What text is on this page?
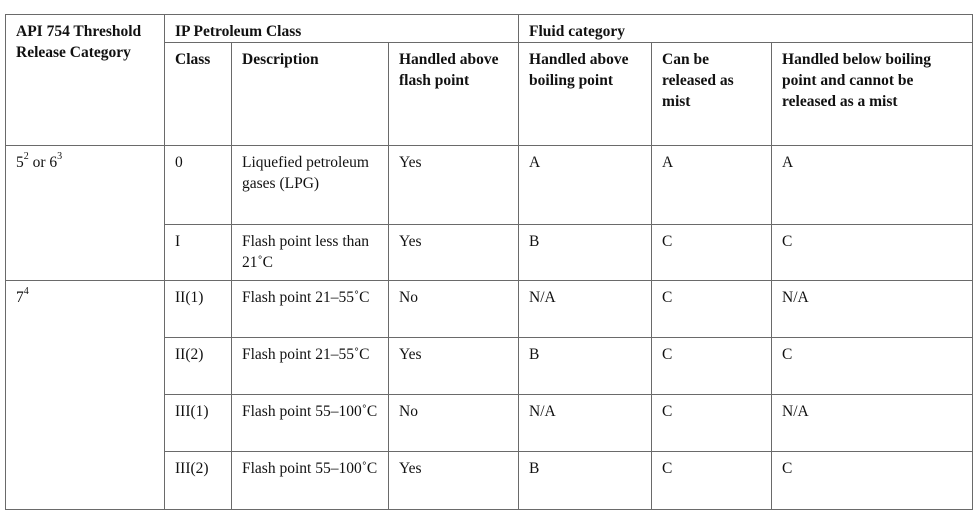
API 754 Threshold Release Category	IP Petroleum Class			Fluid category		
	Class	Description	Handled above flash point	Handled above boiling point	Can be released as mist	Handled below boiling point and cannot be released as a mist
$5^2$ or $6^3$	0	Liquefied petroleum gases (LPG)	Yes	A	A	A
	I	Flash point less than 21˚C	Yes	B	C	C
$7^4$	II(1)	Flash point 21–55˚C	No	N/A	C	N/A
	II(2)	Flash point 21–55˚C	Yes	B	C	C
	III(1)	Flash point 55–100˚C	No	N/A	C	N/A
	III(2)	Flash point 55–100˚C	Yes	B	C	C
